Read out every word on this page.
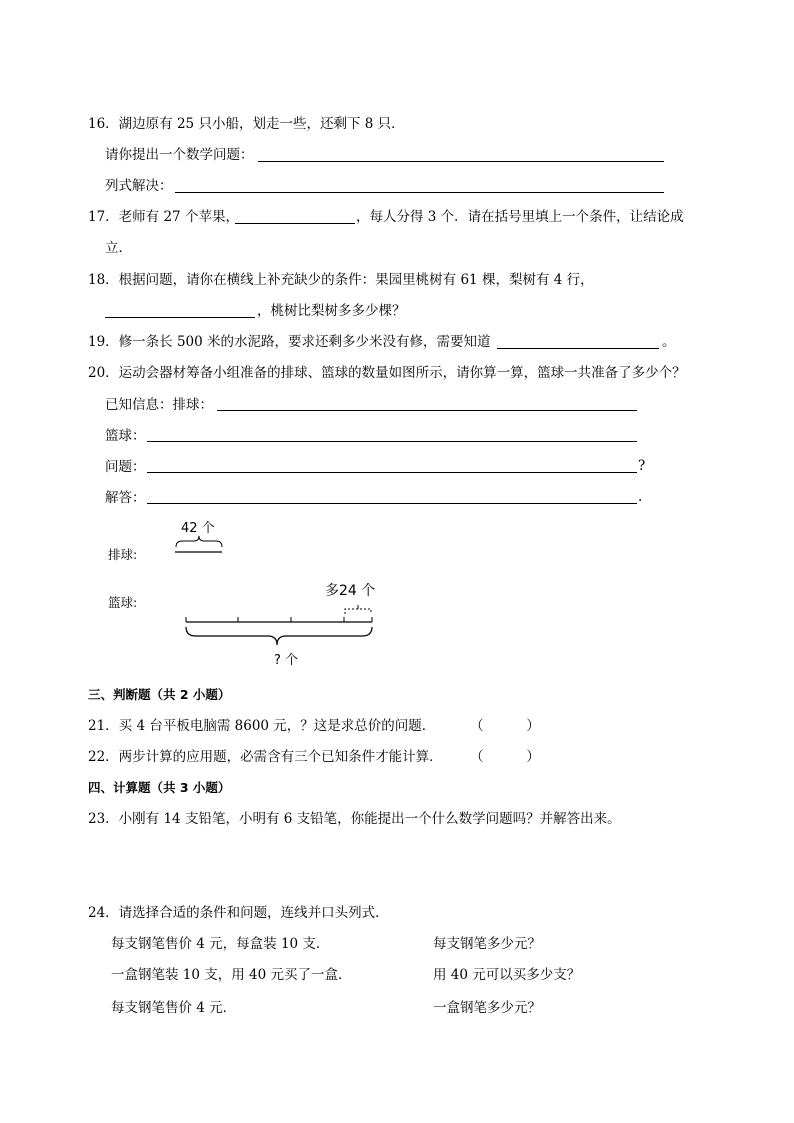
16．湖边原有 25 只小船，划走一些，还剩下 8 只．
请你提出一个数学问题：
列式解决：
17．老师有 27 个苹果，	，每人分得 3 个．请在括号里填上一个条件，让结论成
立．
18．根据问题，请你在横线上补充缺少的条件：果园里桃树有 61 棵，梨树有 4 行，
，桃树比梨树多多少棵？
19．修一条长 500 米的水泥路，要求还剩多少米没有修，需要知道	。
20．运动会器材筹备小组准备的排球、篮球的数量如图所示，请你算一算，篮球一共准备了多少个？
已知信息：排球：
篮球：
问题：	?
解答：	.
排球:
42 个
篮球:
多24 个
? 个
三、判断题（共 2 小题）
21．买 4 台平板电脑需 8600 元，？这是求总价的问题．	（          ）
22．两步计算的应用题，必需含有三个已知条件才能计算． （          ）
四、计算题（共 3 小题）
23．小刚有 14 支铅笔，小明有 6 支铅笔，你能提出一个什么数学问题吗？并解答出来。
24．请选择合适的条件和问题，连线并口头列式．
每支钢笔售价 4 元，每盒装 10 支．
一盒钢笔装 10 支，用 40 元买了一盒．
每支钢笔售价 4 元．
每支钢笔多少元？
用 40 元可以买多少支？
一盒钢笔多少元？
